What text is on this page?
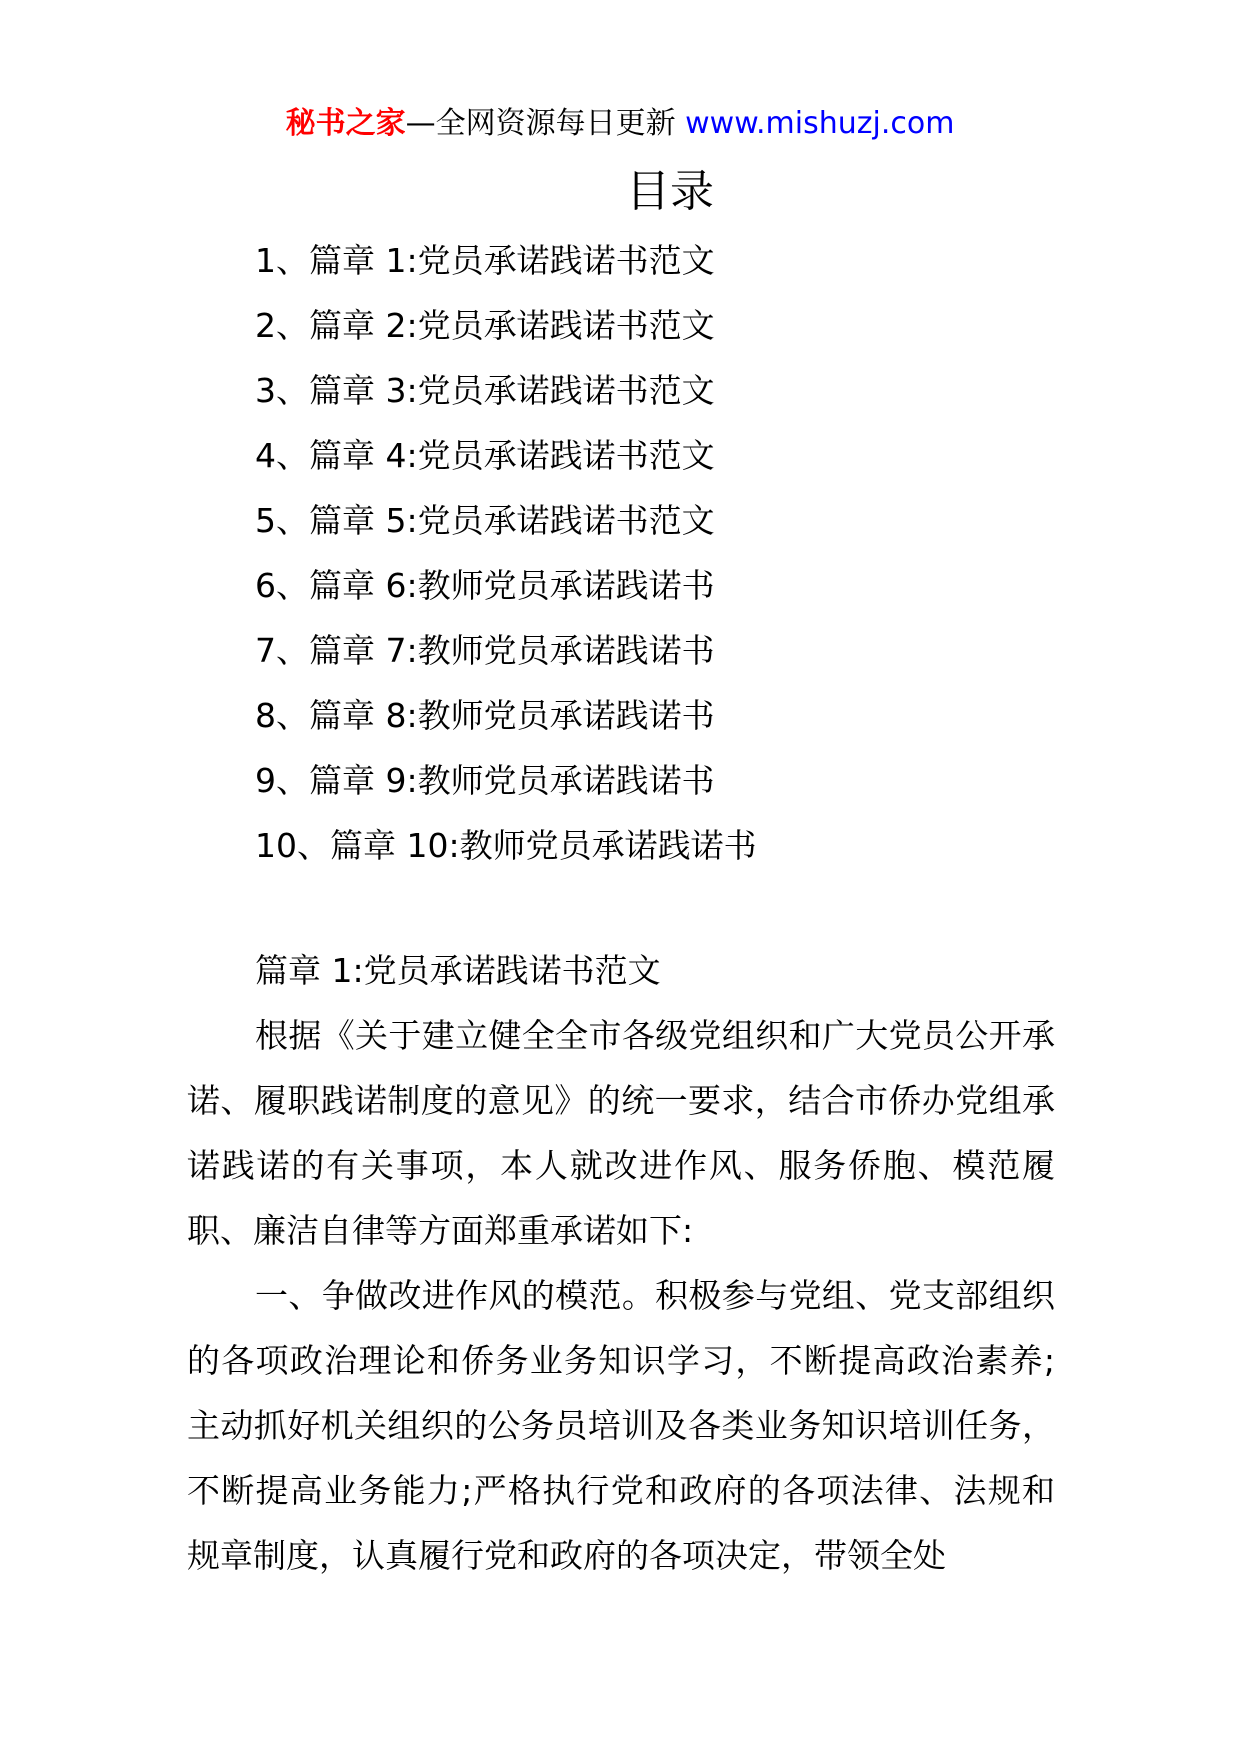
秘书之家—全网资源每日更新 www.mishuzj.com
目录
1、篇章 1:党员承诺践诺书范文
2、篇章 2:党员承诺践诺书范文
3、篇章 3:党员承诺践诺书范文
4、篇章 4:党员承诺践诺书范文
5、篇章 5:党员承诺践诺书范文
6、篇章 6:教师党员承诺践诺书
7、篇章 7:教师党员承诺践诺书
8、篇章 8:教师党员承诺践诺书
9、篇章 9:教师党员承诺践诺书
10、篇章 10:教师党员承诺践诺书
篇章 1:党员承诺践诺书范文

根据《关于建立健全全市各级党组织和广大党员公开承诺、履职践诺制度的意见》的统一要求，结合市侨办党组承诺践诺的有关事项，本人就改进作风、服务侨胞、模范履职、廉洁自律等方面郑重承诺如下:

一、争做改进作风的模范。积极参与党组、党支部组织的各项政治理论和侨务业务知识学习，不断提高政治素养;主动抓好机关组织的公务员培训及各类业务知识培训任务，不断提高业务能力;严格执行党和政府的各项法律、法规和规章制度，认真履行党和政府的各项决定，带领全处
